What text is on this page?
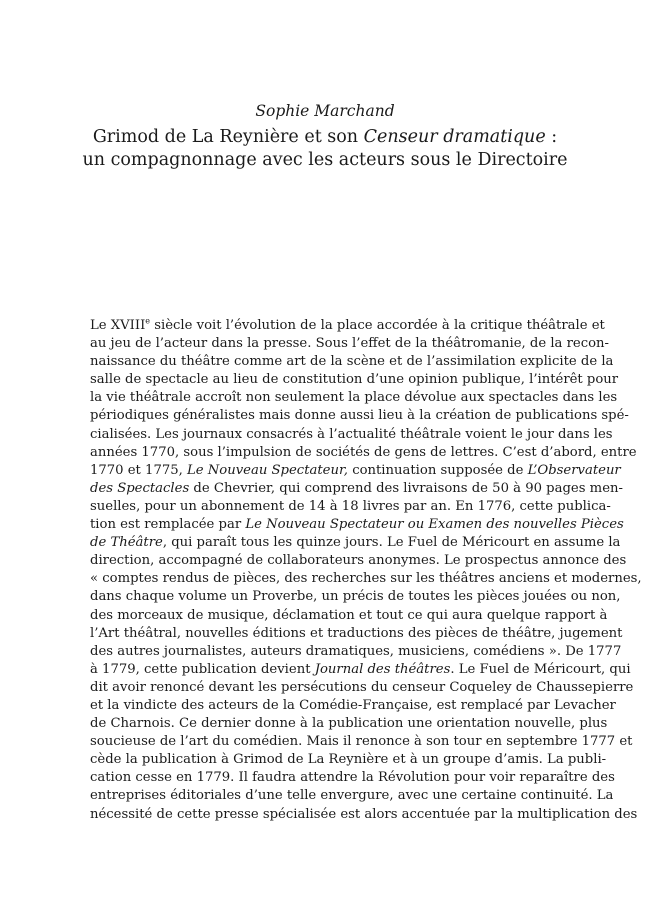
Sophie Marchand
Grimod de La Reynière et son Censeur dramatique :
un compagnonnage avec les acteurs sous le Directoire
Le XVIIIe siècle voit l’évolution de la place accordée à la critique théâtrale et
au jeu de l’acteur dans la presse. Sous l’effet de la théâtromanie, de la recon-
naissance du théâtre comme art de la scène et de l’assimilation explicite de la
salle de spectacle au lieu de constitution d’une opinion publique, l’intérêt pour
la vie théâtrale accroît non seulement la place dévolue aux spectacles dans les
périodiques généralistes mais donne aussi lieu à la création de publications spé-
cialisées. Les journaux consacrés à l’actualité théâtrale voient le jour dans les
années 1770, sous l’impulsion de sociétés de gens de lettres. C’est d’abord, entre
1770 et 1775, Le Nouveau Spectateur, continuation supposée de L’Observateur
des Spectacles de Chevrier, qui comprend des livraisons de 50 à 90 pages men-
suelles, pour un abonnement de 14 à 18 livres par an. En 1776, cette publica-
tion est remplacée par Le Nouveau Spectateur ou Examen des nouvelles Pièces
de Théâtre, qui paraît tous les quinze jours. Le Fuel de Méricourt en assume la
direction, accompagné de collaborateurs anonymes. Le prospectus annonce des
« comptes rendus de pièces, des recherches sur les théâtres anciens et modernes,
dans chaque volume un Proverbe, un précis de toutes les pièces jouées ou non,
des morceaux de musique, déclamation et tout ce qui aura quelque rapport à
l’Art théâtral, nouvelles éditions et traductions des pièces de théâtre, jugement
des autres journalistes, auteurs dramatiques, musiciens, comédiens ». De 1777
à 1779, cette publication devient Journal des théâtres. Le Fuel de Méricourt, qui
dit avoir renoncé devant les persécutions du censeur Coqueley de Chaussepierre
et la vindicte des acteurs de la Comédie-Française, est remplacé par Levacher
de Charnois. Ce dernier donne à la publication une orientation nouvelle, plus
soucieuse de l’art du comédien. Mais il renonce à son tour en septembre 1777 et
cède la publication à Grimod de La Reynière et à un groupe d’amis. La publi-
cation cesse en 1779. Il faudra attendre la Révolution pour voir reparaître des
entreprises éditoriales d’une telle envergure, avec une certaine continuité. La
nécessité de cette presse spécialisée est alors accentuée par la multiplication des
